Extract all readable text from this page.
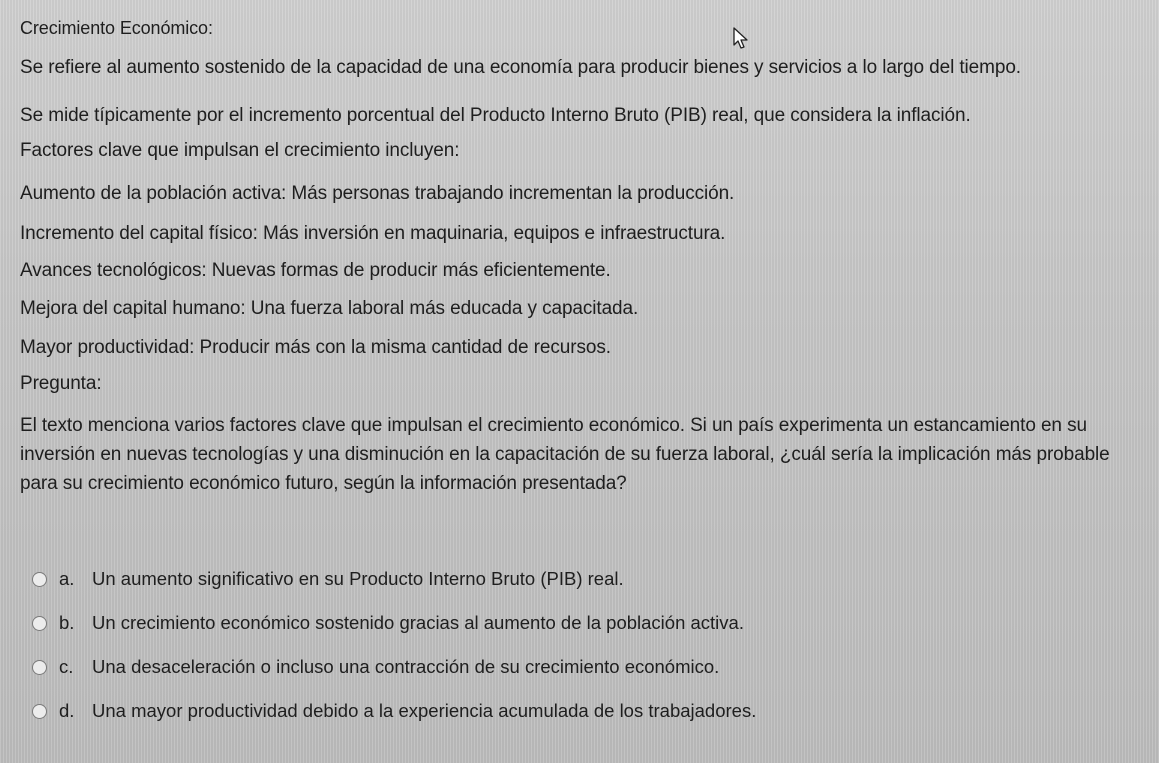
Crecimiento Económico:
Se refiere al aumento sostenido de la capacidad de una economía para producir bienes y servicios a lo largo del tiempo.
Se mide típicamente por el incremento porcentual del Producto Interno Bruto (PIB) real, que considera la inflación.
Factores clave que impulsan el crecimiento incluyen:
Aumento de la población activa: Más personas trabajando incrementan la producción.
Incremento del capital físico: Más inversión en maquinaria, equipos e infraestructura.
Avances tecnológicos: Nuevas formas de producir más eficientemente.
Mejora del capital humano: Una fuerza laboral más educada y capacitada.
Mayor productividad: Producir más con la misma cantidad de recursos.
Pregunta:
El texto menciona varios factores clave que impulsan el crecimiento económico. Si un país experimenta un estancamiento en su inversión en nuevas tecnologías y una disminución en la capacitación de su fuerza laboral, ¿cuál sería la implicación más probable para su crecimiento económico futuro, según la información presentada?
a. Un aumento significativo en su Producto Interno Bruto (PIB) real.
b. Un crecimiento económico sostenido gracias al aumento de la población activa.
c.	Una desaceleración o incluso una contracción de su crecimiento económico.
d. Una mayor productividad debido a la experiencia acumulada de los trabajadores.
